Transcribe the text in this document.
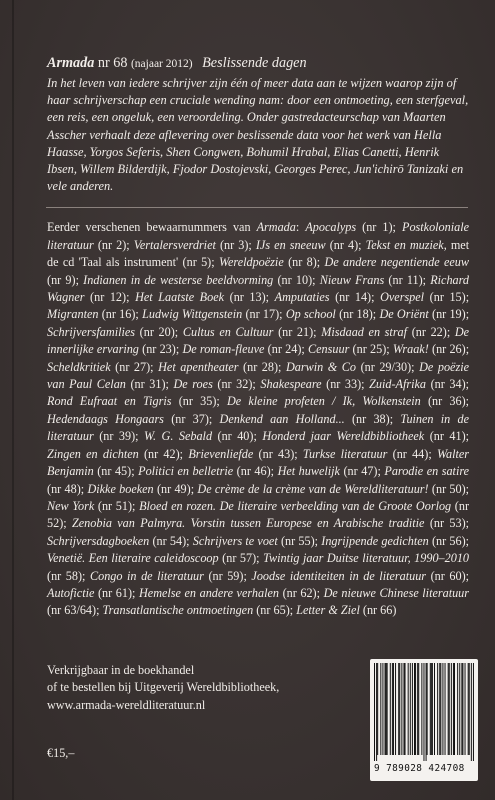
Armada nr 68 (najaar 2012) Beslissende dagen

In het leven van iedere schrijver zijn één of meer data aan te wijzen waarop zijn of haar schrijverschap een cruciale wending nam: door een ontmoeting, een sterfgeval, een reis, een ongeluk, een veroordeling. Onder gastredacteurschap van Maarten Asscher verhaalt deze aflevering over beslissende data voor het werk van Hella Haasse, Yorgos Seferis, Shen Congwen, Bohumil Hrabal, Elias Canetti, Henrik Ibsen, Willem Bilderdijk, Fjodor Dostojevski, Georges Perec, Jun'ichirō Tanizaki en vele anderen.

Eerder verschenen bewaarnummers van Armada: Apocalyps (nr 1); Postkoloniale literatuur (nr 2); Vertalersverdriet (nr 3); IJs en sneeuw (nr 4); Tekst en muziek, met de cd 'Taal als instrument' (nr 5); Wereldpoëzie (nr 8); De andere negentiende eeuw (nr 9); Indianen in de westerse beeldvorming (nr 10); Nieuw Frans (nr 11); Richard Wagner (nr 12); Het Laatste Boek (nr 13); Amputaties (nr 14); Overspel (nr 15); Migranten (nr 16); Ludwig Wittgenstein (nr 17); Op school (nr 18); De Oriënt (nr 19); Schrijversfamilies (nr 20); Cultus en Cultuur (nr 21); Misdaad en straf (nr 22); De innerlijke ervaring (nr 23); De roman-fleuve (nr 24); Censuur (nr 25); Wraak! (nr 26); Scheldkritiek (nr 27); Het apentheater (nr 28); Darwin & Co (nr 29/30); De poëzie van Paul Celan (nr 31); De roes (nr 32); Shakespeare (nr 33); Zuid-Afrika (nr 34); Rond Eufraat en Tigris (nr 35); De kleine profeten / Ik, Wolkenstein (nr 36); Hedendaags Hongaars (nr 37); Denkend aan Holland... (nr 38); Tuinen in de literatuur (nr 39); W. G. Sebald (nr 40); Honderd jaar Wereldbibliotheek (nr 41); Zingen en dichten (nr 42); Brievenliefde (nr 43); Turkse literatuur (nr 44); Walter Benjamin (nr 45); Politici en belletrie (nr 46); Het huwelijk (nr 47); Parodie en satire (nr 48); Dikke boeken (nr 49); De crème de la crème van de Wereldliteratuur! (nr 50); New York (nr 51); Bloed en rozen. De literaire verbeelding van de Groote Oorlog (nr 52); Zenobia van Palmyra. Vorstin tussen Europese en Arabische traditie (nr 53); Schrijversdagboeken (nr 54); Schrijvers te voet (nr 55); Ingrijpende gedichten (nr 56); Venetië. Een literaire caleidoscoop (nr 57); Twintig jaar Duitse literatuur, 1990–2010 (nr 58); Congo in de literatuur (nr 59); Joodse identiteiten in de literatuur (nr 60); Autofictie (nr 61); Hemelse en andere verhalen (nr 62); De nieuwe Chinese literatuur (nr 63/64); Transatlantische ontmoetingen (nr 65); Letter & Ziel (nr 66)

Verkrijgbaar in de boekhandel
of te bestellen bij Uitgeverij Wereldbibliotheek,
www.armada-wereldliteratuur.nl
€15,–
9 789028 424708
